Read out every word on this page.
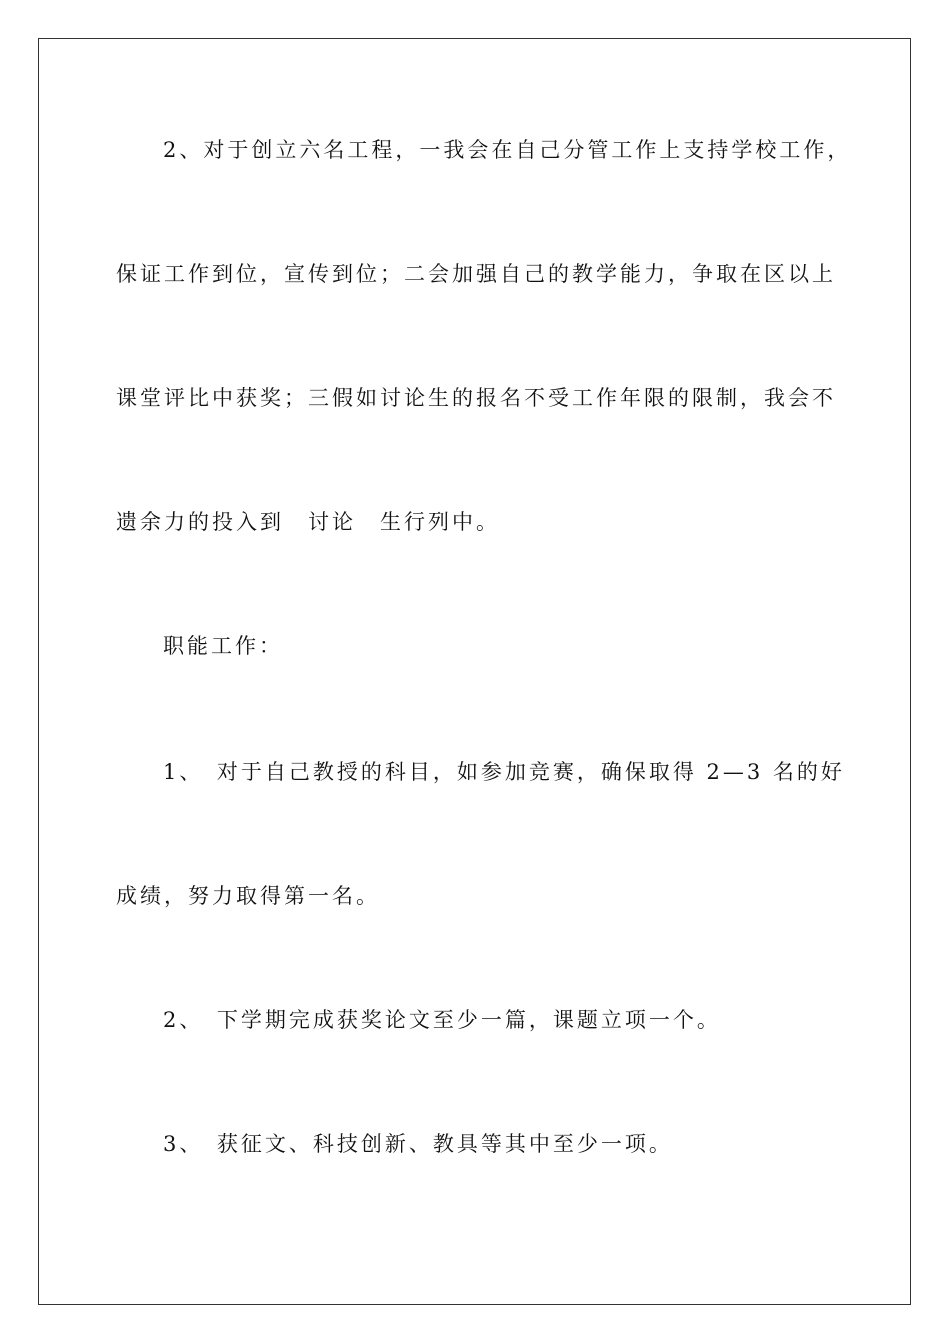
2、对于创立六名工程，一我会在自己分管工作上支持学校工作，
保证工作到位，宣传到位；二会加强自己的教学能力，争取在区以上
课堂评比中获奖；三假如讨论生的报名不受工作年限的限制，我会不
遗余力的投入到　讨论　生行列中。
职能工作：
1、　对于自己教授的科目，如参加竞赛，确保取得 2—3 名的好
成绩，努力取得第一名。
2、　下学期完成获奖论文至少一篇，课题立项一个。
3、　获征文、科技创新、教具等其中至少一项。
